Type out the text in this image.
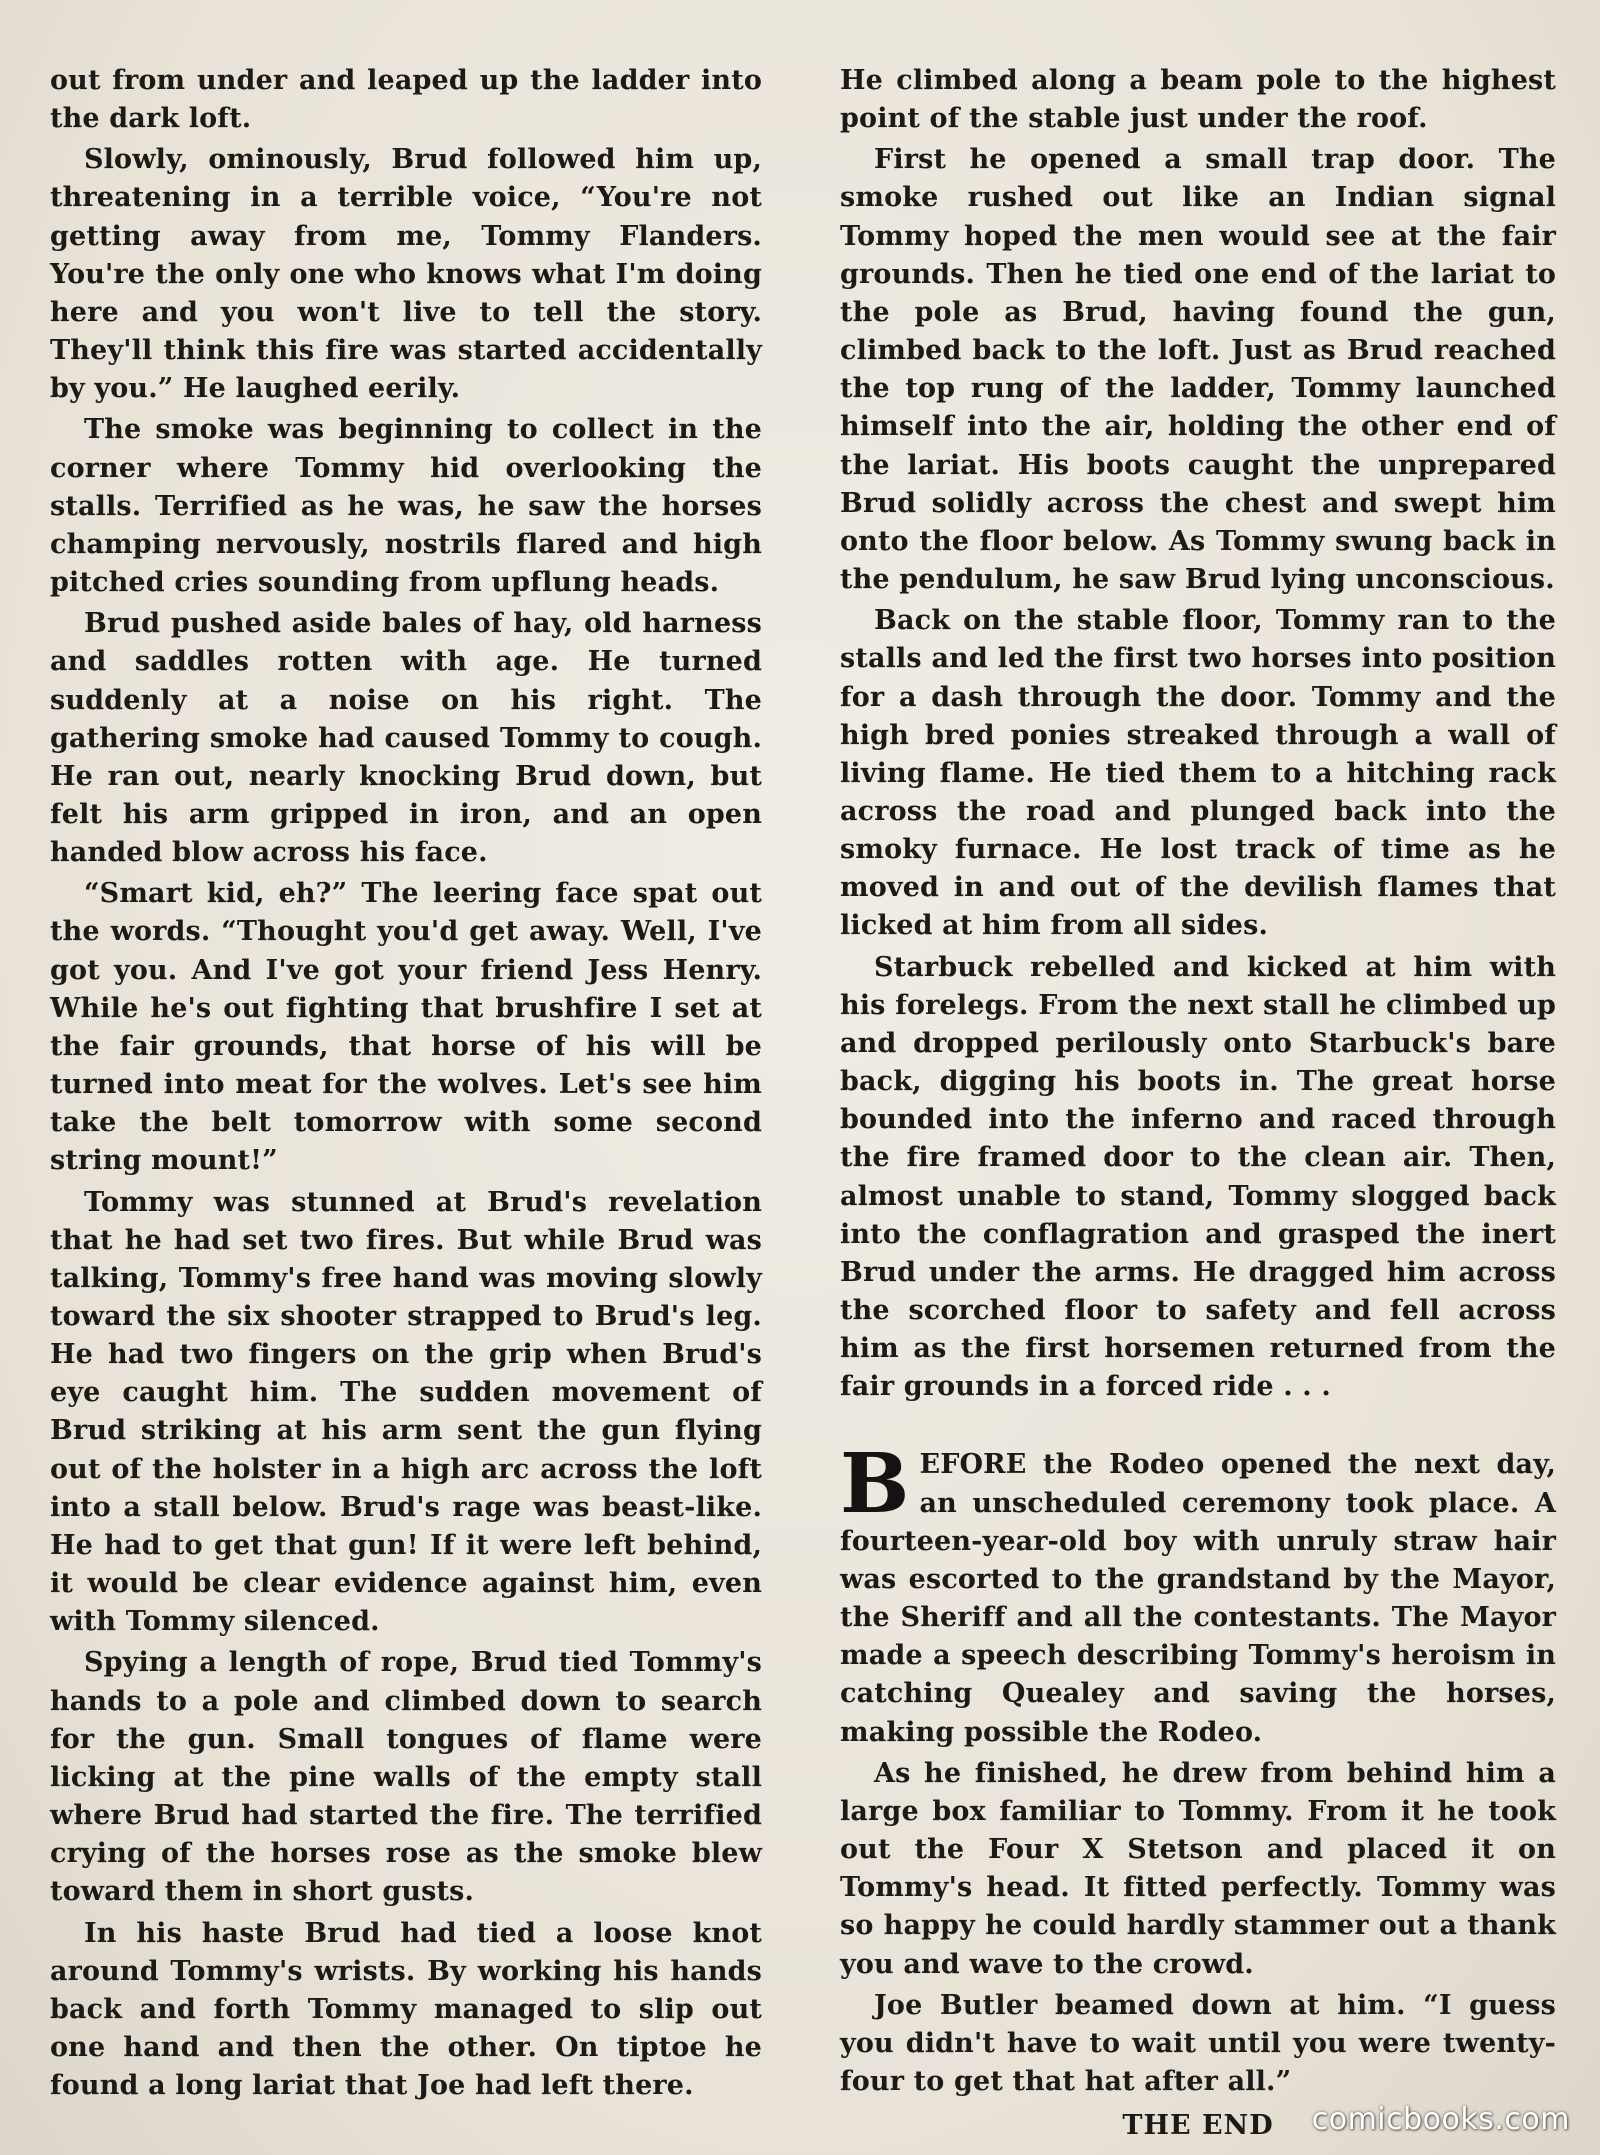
out from under and leaped up the ladder into the dark loft.

Slowly, ominously, Brud followed him up, threatening in a terrible voice, “You're not getting away from me, Tommy Flanders. You're the only one who knows what I'm doing here and you won't live to tell the story. They'll think this fire was started accidentally by you.” He laughed eerily.

The smoke was beginning to collect in the corner where Tommy hid overlooking the stalls. Terrified as he was, he saw the horses champing nervously, nostrils flared and high pitched cries sounding from upflung heads.

Brud pushed aside bales of hay, old harness and saddles rotten with age. He turned suddenly at a noise on his right. The gathering smoke had caused Tommy to cough. He ran out, nearly knocking Brud down, but felt his arm gripped in iron, and an open handed blow across his face.

“Smart kid, eh?” The leering face spat out the words. “Thought you'd get away. Well, I've got you. And I've got your friend Jess Henry. While he's out fighting that brushfire I set at the fair grounds, that horse of his will be turned into meat for the wolves. Let's see him take the belt tomorrow with some second string mount!”

Tommy was stunned at Brud's revelation that he had set two fires. But while Brud was talking, Tommy's free hand was moving slowly toward the six shooter strapped to Brud's leg. He had two fingers on the grip when Brud's eye caught him. The sudden movement of Brud striking at his arm sent the gun flying out of the holster in a high arc across the loft into a stall below. Brud's rage was beast-like. He had to get that gun! If it were left behind, it would be clear evidence against him, even with Tommy silenced.

Spying a length of rope, Brud tied Tommy's hands to a pole and climbed down to search for the gun. Small tongues of flame were licking at the pine walls of the empty stall where Brud had started the fire. The terrified crying of the horses rose as the smoke blew toward them in short gusts.

In his haste Brud had tied a loose knot around Tommy's wrists. By working his hands back and forth Tommy managed to slip out one hand and then the other. On tiptoe he found a long lariat that Joe had left there.

He climbed along a beam pole to the highest point of the stable just under the roof.

First he opened a small trap door. The smoke rushed out like an Indian signal Tommy hoped the men would see at the fair grounds. Then he tied one end of the lariat to the pole as Brud, having found the gun, climbed back to the loft. Just as Brud reached the top rung of the ladder, Tommy launched himself into the air, holding the other end of the lariat. His boots caught the unprepared Brud solidly across the chest and swept him onto the floor below. As Tommy swung back in the pendulum, he saw Brud lying unconscious.

Back on the stable floor, Tommy ran to the stalls and led the first two horses into position for a dash through the door. Tommy and the high bred ponies streaked through a wall of living flame. He tied them to a hitching rack across the road and plunged back into the smoky furnace. He lost track of time as he moved in and out of the devilish flames that licked at him from all sides.

Starbuck rebelled and kicked at him with his forelegs. From the next stall he climbed up and dropped perilously onto Starbuck's bare back, digging his boots in. The great horse bounded into the inferno and raced through the fire framed door to the clean air. Then, almost unable to stand, Tommy slogged back into the conflagration and grasped the inert Brud under the arms. He dragged him across the scorched floor to safety and fell across him as the first horsemen returned from the fair grounds in a forced ride . . .

BEFORE the Rodeo opened the next day, an unscheduled ceremony took place. A fourteen-year-old boy with unruly straw hair was escorted to the grandstand by the Mayor, the Sheriff and all the contestants. The Mayor made a speech describing Tommy's heroism in catching Quealey and saving the horses, making possible the Rodeo.

As he finished, he drew from behind him a large box familiar to Tommy. From it he took out the Four X Stetson and placed it on Tommy's head. It fitted perfectly. Tommy was so happy he could hardly stammer out a thank you and wave to the crowd.

Joe Butler beamed down at him. “I guess you didn't have to wait until you were twenty-four to get that hat after all.”

THE END	comicbooks.com
